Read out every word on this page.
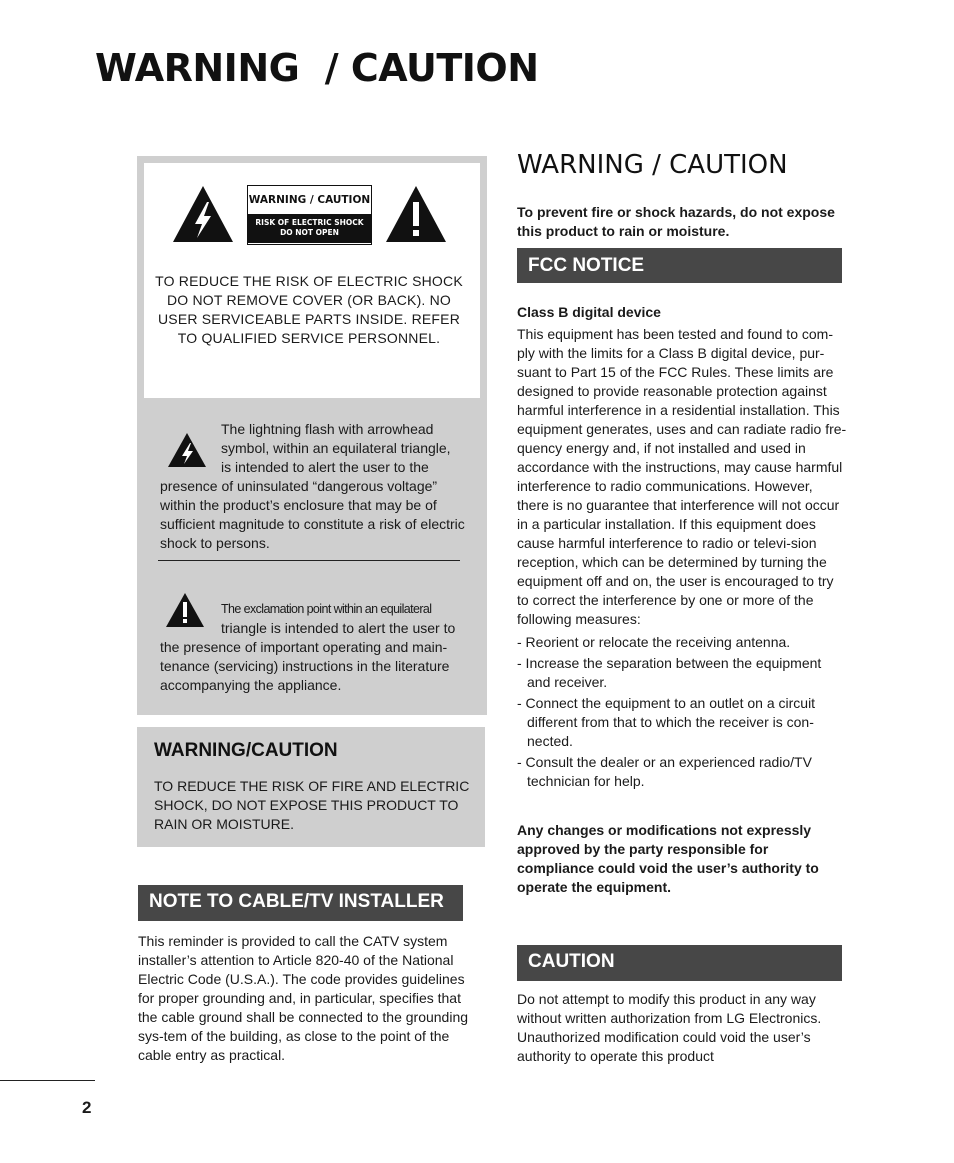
WARNING  / CAUTION
WARNING / CAUTION
RISK OF ELECTRIC SHOCK
DO NOT OPEN
TO REDUCE THE RISK OF ELECTRIC SHOCK DO NOT REMOVE COVER (OR BACK). NO USER SERVICEABLE PARTS INSIDE. REFER TO QUALIFIED SERVICE PERSONNEL.
The lightning flash with arrowhead
symbol, within an equilateral triangle,
is intended to alert the user to the
presence of uninsulated “dangerous voltage” within the product’s enclosure that may be of sufficient magnitude to constitute a risk of electric shock to persons.
The exclamation point within an equilateral
triangle is intended to alert the user to
the presence of important operating and main-tenance (servicing) instructions in the literature accompanying the appliance.
WARNING/CAUTION
TO REDUCE THE RISK OF FIRE AND ELECTRIC SHOCK, DO NOT EXPOSE THIS PRODUCT TO RAIN OR MOISTURE.
NOTE TO CABLE/TV INSTALLER
This reminder is provided to call the CATV system installer’s attention to Article 820-40 of the National Electric Code (U.S.A.). The code provides guidelines for proper grounding and, in particular, specifies that the cable ground shall be connected to the grounding sys-tem of the building, as close to the point of the cable entry as practical.
WARNING / CAUTION
To prevent fire or shock hazards, do not expose this product to rain or moisture.
FCC NOTICE
Class B digital device
This equipment has been tested and found to com-ply with the limits for a Class B digital device, pur-suant to Part 15 of the FCC Rules. These limits are designed to provide reasonable protection against harmful interference in a residential installation. This equipment generates, uses and can radiate radio fre-quency energy and, if not installed and used in accordance with the instructions, may cause harmful interference to radio communications. However, there is no guarantee that interference will not occur in a particular installation. If this equipment does cause harmful interference to radio or televi-sion reception, which can be determined by turning the equipment off and on, the user is encouraged to try to correct the interference by one or more of the following measures:
- Reorient or relocate the receiving antenna.
- Increase the separation between the equipment and receiver.
- Connect the equipment to an outlet on a circuit different from that to which the receiver is con-nected.
- Consult the dealer or an experienced radio/TV technician for help.
Any changes or modifications not expressly approved by the party responsible for compliance could void the user’s authority to operate the equipment.
CAUTION
Do not attempt to modify this product in any way without written authorization from LG Electronics. Unauthorized modification could void the user’s authority to operate this product
2
